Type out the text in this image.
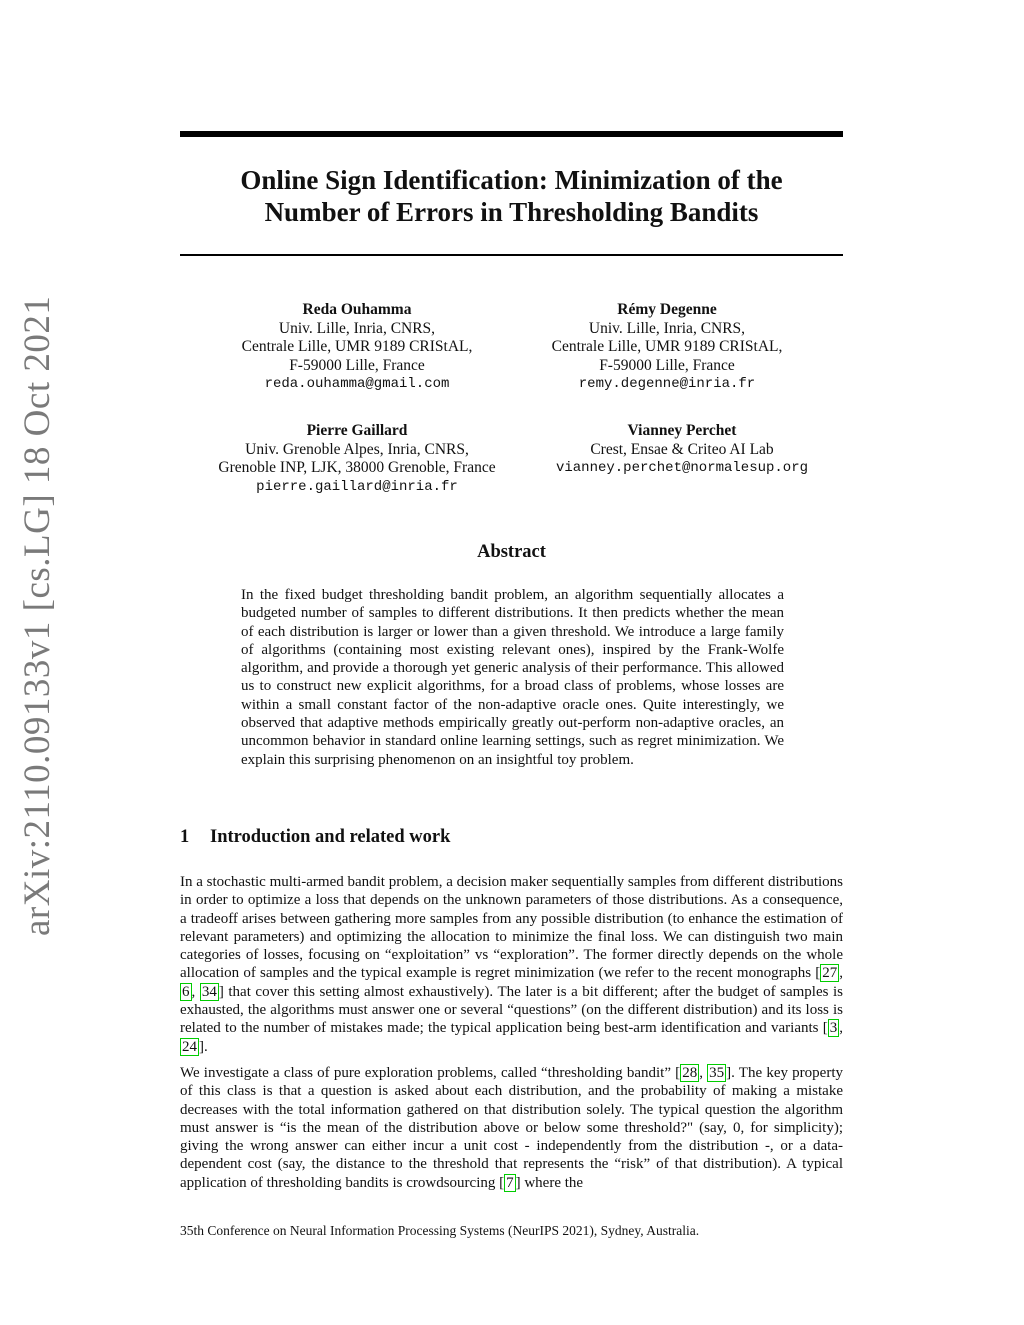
arXiv:2110.09133v1 [cs.LG] 18 Oct 2021
Online Sign Identification: Minimization of the
Number of Errors in Thresholding Bandits
Reda Ouhamma
Univ. Lille, Inria, CNRS,
Centrale Lille, UMR 9189 CRIStAL,
F-59000 Lille, France
reda.ouhamma@gmail.com
Rémy Degenne
Univ. Lille, Inria, CNRS,
Centrale Lille, UMR 9189 CRIStAL,
F-59000 Lille, France
remy.degenne@inria.fr
Pierre Gaillard
Univ. Grenoble Alpes, Inria, CNRS,
Grenoble INP, LJK, 38000 Grenoble, France
pierre.gaillard@inria.fr
Vianney Perchet
Crest, Ensae & Criteo AI Lab
vianney.perchet@normalesup.org
Abstract

In the fixed budget thresholding bandit problem, an algorithm sequentially allocates a budgeted number of samples to different distributions. It then predicts whether the mean of each distribution is larger or lower than a given threshold. We introduce a large family of algorithms (containing most existing relevant ones), inspired by the Frank-Wolfe algorithm, and provide a thorough yet generic analysis of their performance. This allowed us to construct new explicit algorithms, for a broad class of problems, whose losses are within a small constant factor of the non-adaptive oracle ones. Quite interestingly, we observed that adaptive methods empirically greatly out-perform non-adaptive oracles, an uncommon behavior in standard online learning settings, such as regret minimization. We explain this surprising phenomenon on an insightful toy problem.

1 Introduction and related work

In a stochastic multi-armed bandit problem, a decision maker sequentially samples from different distributions in order to optimize a loss that depends on the unknown parameters of those distributions. As a consequence, a tradeoff arises between gathering more samples from any possible distribution (to enhance the estimation of relevant parameters) and optimizing the allocation to minimize the final loss. We can distinguish two main categories of losses, focusing on “exploitation” vs “exploration”. The former directly depends on the whole allocation of samples and the typical example is regret minimization (we refer to the recent monographs [ 27 , 6 , 34 ] that cover this setting almost exhaustively). The later is a bit different; after the budget of samples is exhausted, the algorithms must answer one or several “questions” (on the different distribution) and its loss is related to the number of mistakes made; the typical application being best-arm identification and variants [ 3 , 24 ].

We investigate a class of pure exploration problems, called “thresholding bandit” [ 28 , 35 ]. The key property of this class is that a question is asked about each distribution, and the probability of making a mistake decreases with the total information gathered on that distribution solely. The typical question the algorithm must answer is “is the mean of the distribution above or below some threshold?" (say, 0, for simplicity); giving the wrong answer can either incur a unit cost - independently from the distribution -, or a data-dependent cost (say, the distance to the threshold that represents the “risk” of that distribution). A typical application of thresholding bandits is crowdsourcing [ 7 ] where the

35th Conference on Neural Information Processing Systems (NeurIPS 2021), Sydney, Australia.
